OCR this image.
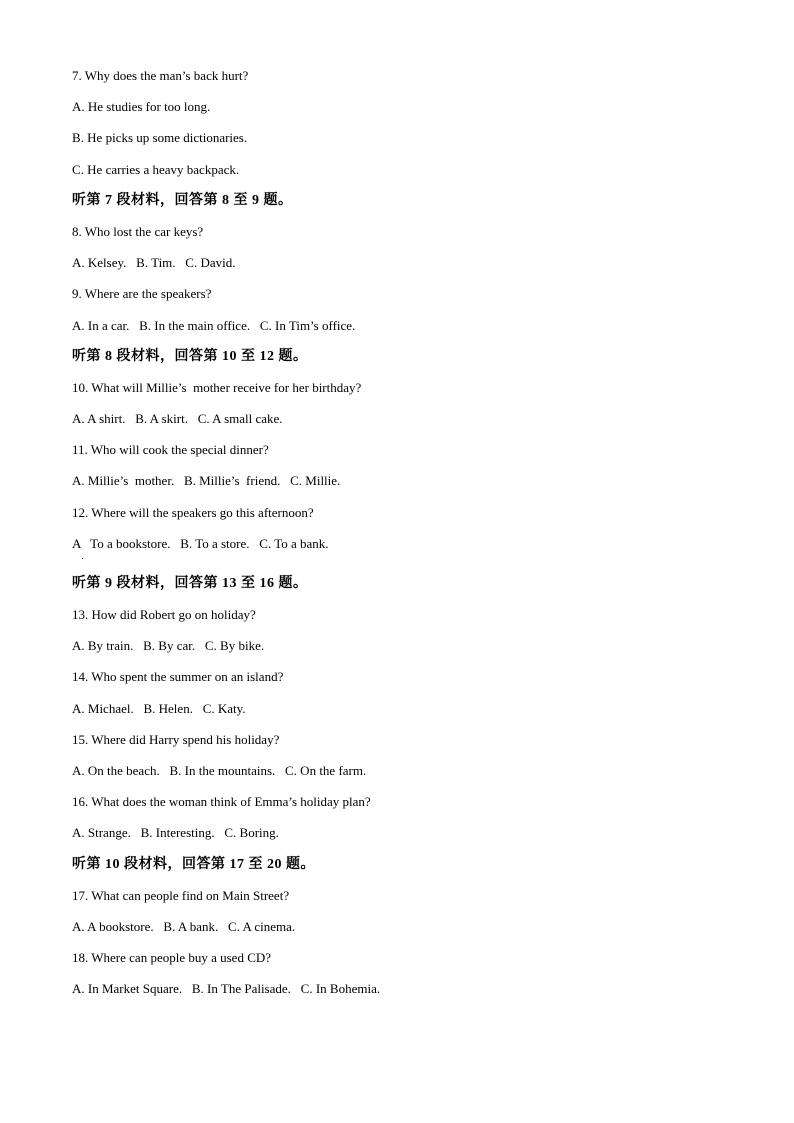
7. Why does the man’s back hurt?
A. He studies for too long.
B. He picks up some dictionaries.
C. He carries a heavy backpack.
听第 7 段材料，回答第 8 至 9 题。
8. Who lost the car keys?
A. Kelsey.   B. Tim.   C. David.
9. Where are the speakers?
A. In a car.   B. In the main office.   C. In Tim’s office.
听第 8 段材料，回答第 10 至 12 题。
10. What will Millie’s  mother receive for her birthday?
A. A shirt.   B. A skirt.   C. A small cake.
11. Who will cook the special dinner?
A. Millie’s  mother.   B. Millie’s  friend.   C. Millie.
12. Where will the speakers go this afternoon?
A   To a bookstore.   B. To a store.   C. To a bank.
听第 9 段材料，回答第 13 至 16 题。
13. How did Robert go on holiday?
A. By train.   B. By car.   C. By bike.
14. Who spent the summer on an island?
A. Michael.   B. Helen.   C. Katy.
15. Where did Harry spend his holiday?
A. On the beach.   B. In the mountains.   C. On the farm.
16. What does the woman think of Emma’s holiday plan?
A. Strange.   B. Interesting.   C. Boring.
听第 10 段材料，回答第 17 至 20 题。
17. What can people find on Main Street?
A. A bookstore.   B. A bank.   C. A cinema.
18. Where can people buy a used CD?
A. In Market Square.   B. In The Palisade.   C. In Bohemia.
